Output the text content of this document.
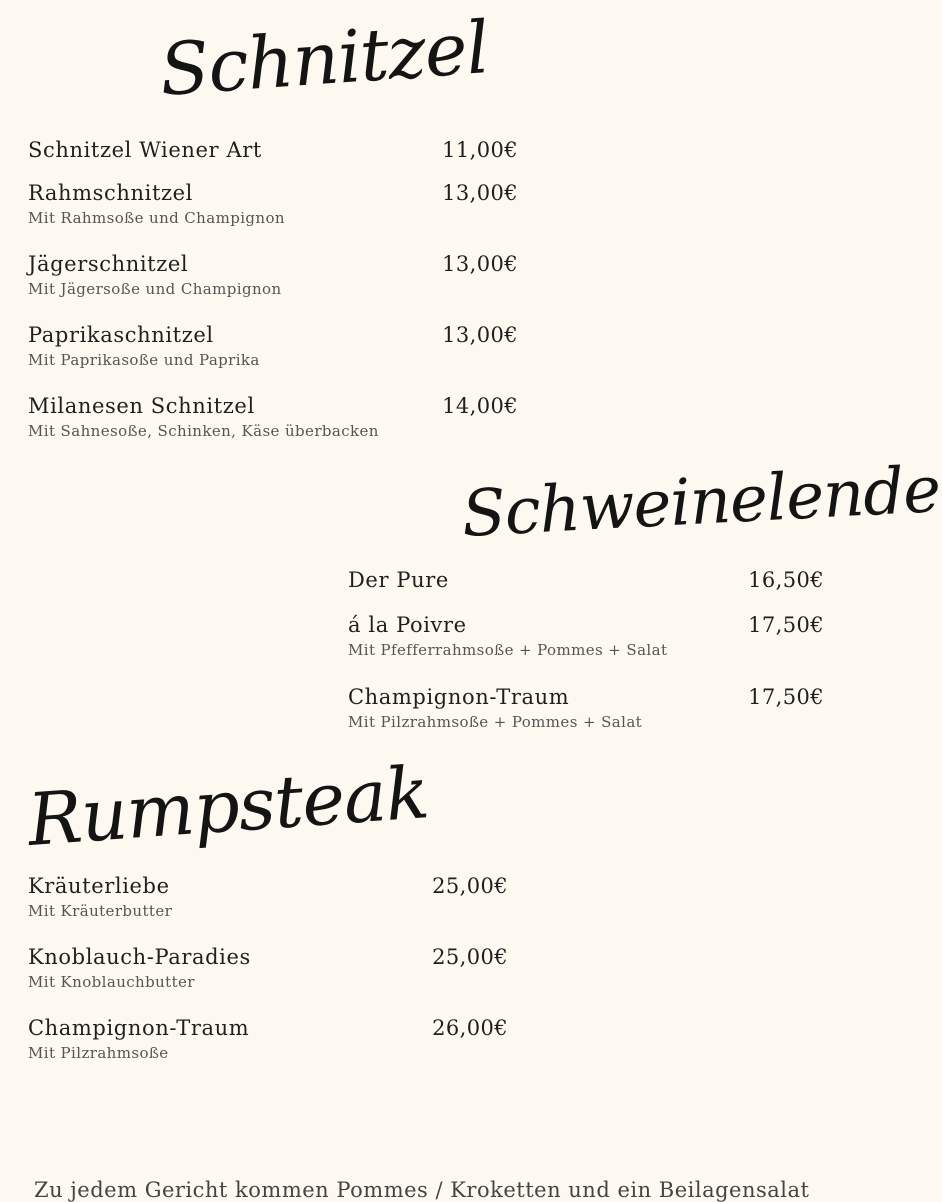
Schnitzel
Schnitzel Wiener Art	11,00€
Rahmschnitzel	13,00€
Mit Rahmsoße und Champignon
Jägerschnitzel	13,00€
Mit Jägersoße und Champignon
Paprikaschnitzel	13,00€
Mit Paprikasoße und Paprika
Milanesen Schnitzel	14,00€
Mit Sahnesoße, Schinken, Käse überbacken
Schweinelende
Der Pure	16,50€
á la Poivre	17,50€
Mit Pfefferrahmsoße + Pommes + Salat
Champignon-Traum	17,50€
Mit Pilzrahmsoße + Pommes + Salat
Rumpsteak
Kräuterliebe	25,00€
Mit Kräuterbutter
Knoblauch-Paradies	25,00€
Mit Knoblauchbutter
Champignon-Traum	26,00€
Mit Pilzrahmsoße

Zu jedem Gericht kommen Pommes / Kroketten und ein Beilagensalat
